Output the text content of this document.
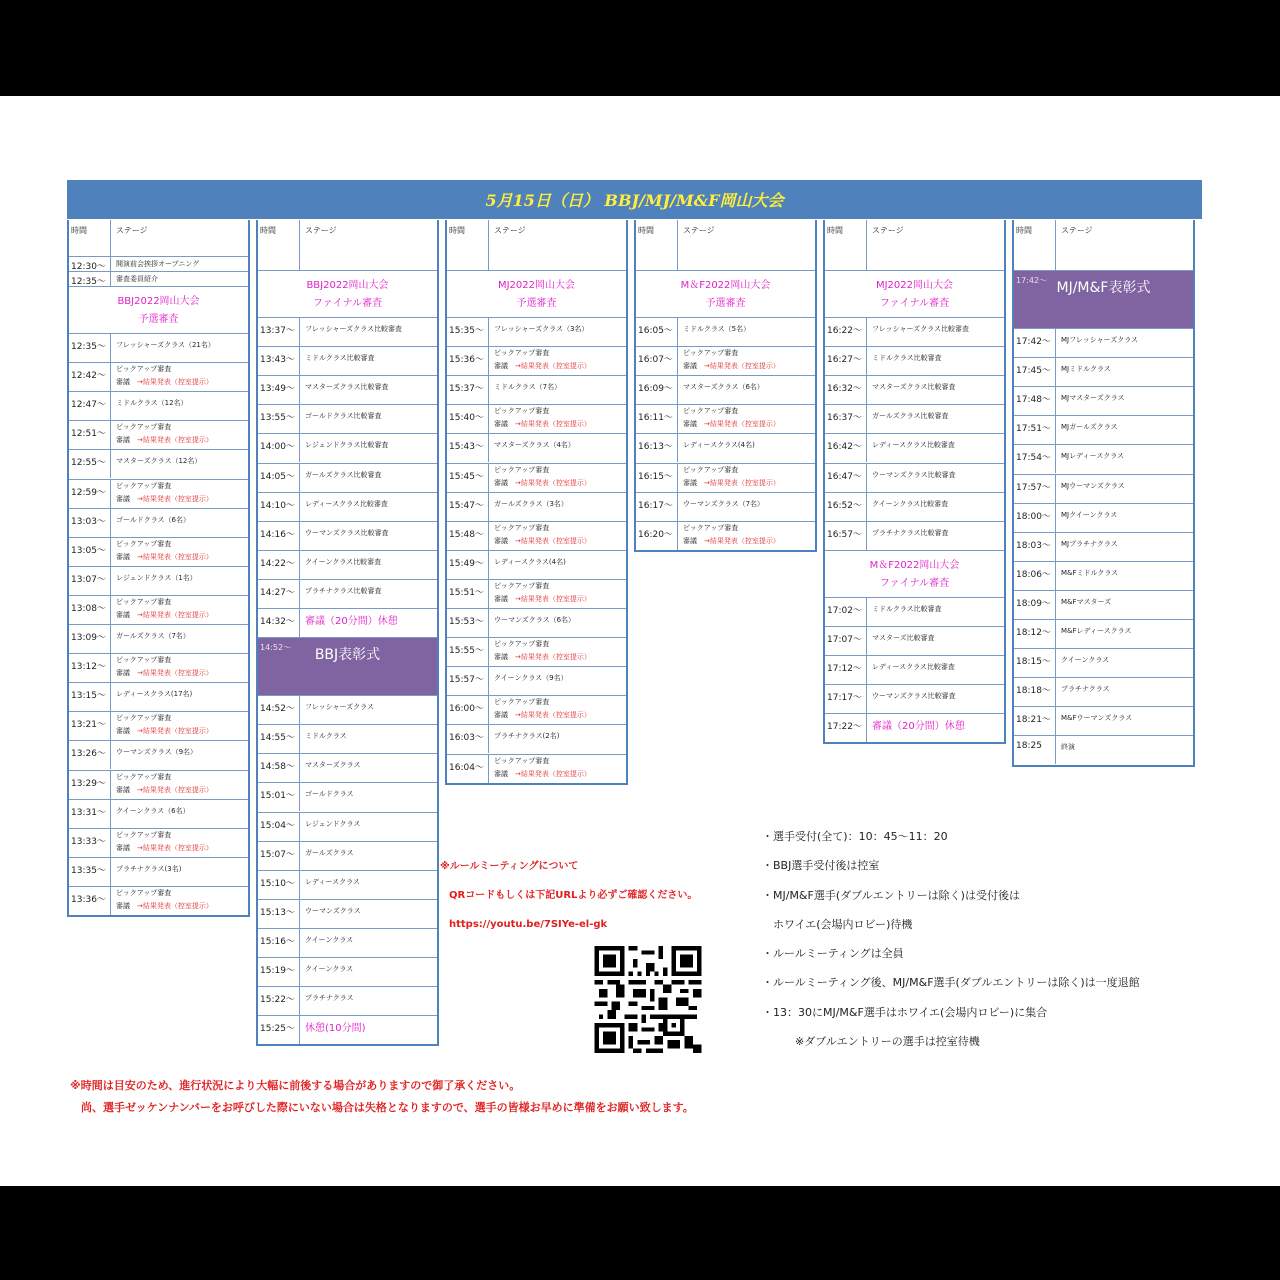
5月15日（日） BBJ/MJ/M&F岡山大会
時間	ステージ
12:30～	開演前会挨拶オープニング
12:35～	審査委員紹介
BBJ2022岡山大会
予選審査
12:35～	フレッシャーズクラス（21名）
12:42～
ピックアップ審査
審議　 →結果発表（控室提示）
12:47～	ミドルクラス（12名）
12:51～
ピックアップ審査
審議　 →結果発表（控室提示）
12:55～	マスターズクラス（12名）
12:59～
ピックアップ審査
審議　 →結果発表（控室提示）
13:03～	ゴールドクラス（6名）
13:05～
ピックアップ審査
審議　 →結果発表（控室提示）
13:07～	レジェンドクラス（1名）
13:08～
ピックアップ審査
審議　 →結果発表（控室提示）
13:09～	ガールズクラス（7名）
13:12～
ピックアップ審査
審議　 →結果発表（控室提示）
13:15～	レディースクラス(17名)
13:21～
ピックアップ審査
審議　 →結果発表（控室提示）
13:26～	ウーマンズクラス（9名）
13:29～
ピックアップ審査
審議　 →結果発表（控室提示）
13:31～	クイーンクラス（6名）
13:33～
ピックアップ審査
審議　 →結果発表（控室提示）
13:35～	プラチナクラス(3名)
13:36～
ピックアップ審査
審議　 →結果発表（控室提示）
時間	ステージ
BBJ2022岡山大会
ファイナル審査
13:37～	フレッシャーズクラス比較審査
13:43～	ミドルクラス比較審査
13:49～	マスターズクラス比較審査
13:55～	ゴールドクラス比較審査
14:00～	レジェンドクラス比較審査
14:05～	ガールズクラス比較審査
14:10～	レディースクラス比較審査
14:16～	ウーマンズクラス比較審査
14:22～	クイーンクラス比較審査
14:27～	プラチナクラス比較審査
14:32～	審議（20分間）休憩
14:52～	BBJ表彰式
14:52～	フレッシャーズクラス
14:55～	ミドルクラス
14:58～	マスターズクラス
15:01～	ゴールドクラス
15:04～	レジェンドクラス
15:07～	ガールズクラス
15:10～	レディースクラス
15:13～	ウーマンズクラス
15:16～	クイーンクラス
15:19～	クイーンクラス
15:22～	プラチナクラス
15:25～	休憩(10分間)
時間	ステージ
MJ2022岡山大会
予選審査
15:35～	フレッシャーズクラス（3名）
15:36～
ピックアップ審査
審議　 →結果発表（控室提示）
15:37～	ミドルクラス（7名）
15:40～
ピックアップ審査
審議　 →結果発表（控室提示）
15:43～	マスターズクラス（4名）
15:45～
ピックアップ審査
審議　 →結果発表（控室提示）
15:47～	ガールズクラス（3名）
15:48～
ピックアップ審査
審議　 →結果発表（控室提示）
15:49～	レディースクラス(4名)
15:51～
ピックアップ審査
審議　 →結果発表（控室提示）
15:53～	ウーマンズクラス（6名）
15:55～
ピックアップ審査
審議　 →結果発表（控室提示）
15:57～	クイーンクラス（9名）
16:00～
ピックアップ審査
審議　 →結果発表（控室提示）
16:03～	プラチナクラス(2名)
16:04～
ピックアップ審査
審議　 →結果発表（控室提示）
時間	ステージ
M＆F2022岡山大会
予選審査
16:05～	ミドルクラス（5名）
16:07～
ピックアップ審査
審議　 →結果発表（控室提示）
16:09～	マスターズクラス（6名）
16:11～
ピックアップ審査
審議　 →結果発表（控室提示）
16:13～	レディースクラス(4名)
16:15～
ピックアップ審査
審議　 →結果発表（控室提示）
16:17～	ウーマンズクラス（7名）
16:20～
ピックアップ審査
審議　 →結果発表（控室提示）
時間	ステージ
MJ2022岡山大会
ファイナル審査
16:22～	フレッシャーズクラス比較審査
16:27～	ミドルクラス比較審査
16:32～	マスターズクラス比較審査
16:37～	ガールズクラス比較審査
16:42～	レディースクラス比較審査
16:47～	ウーマンズクラス比較審査
16:52～	クイーンクラス比較審査
16:57～	プラチナクラス比較審査
M＆F2022岡山大会
ファイナル審査
17:02～	ミドルクラス比較審査
17:07～	マスターズ比較審査
17:12～	レディースクラス比較審査
17:17～	ウーマンズクラス比較審査
17:22～	審議（20分間）休憩
時間	ステージ
17:42～ MJ/M&F表彰式
17:42～	MJフレッシャーズクラス
17:45～	MJミドルクラス
17:48～	MJマスターズクラス
17:51～	MJガールズクラス
17:54～	MJレディースクラス
17:57～	MJウーマンズクラス
18:00～	MJクイーンクラス
18:03～	MJプラチナクラス
18:06～	M&Fミドルクラス
18:09～	M&Fマスターズ
18:12～	M&Fレディースクラス
18:15～	クイーンクラス
18:18～	プラチナクラス
18:21～	M&Fウーマンズクラス
18:25	終演
※ルールミーティングについて
QRコードもしくは下記URLより必ずご確認ください。
https://youtu.be/7SIYe-el-gk
・選手受付(全て)：10：45～11：20
・BBJ選手受付後は控室
・MJ/M&F選手(ダブルエントリーは除く)は受付後は
　ホワイエ(会場内ロビー)待機
・ルールミーティングは全員
・ルールミーティング後、MJ/M&F選手(ダブルエントリーは除く)は一度退館
・13：30にMJ/M&F選手はホワイエ(会場内ロビー)に集合
　　　※ダブルエントリーの選手は控室待機
※時間は目安のため、進行状況により大幅に前後する場合がありますので御了承ください。
　尚、選手ゼッケンナンバーをお呼びした際にいない場合は失格となりますので、選手の皆様お早めに準備をお願い致します。
